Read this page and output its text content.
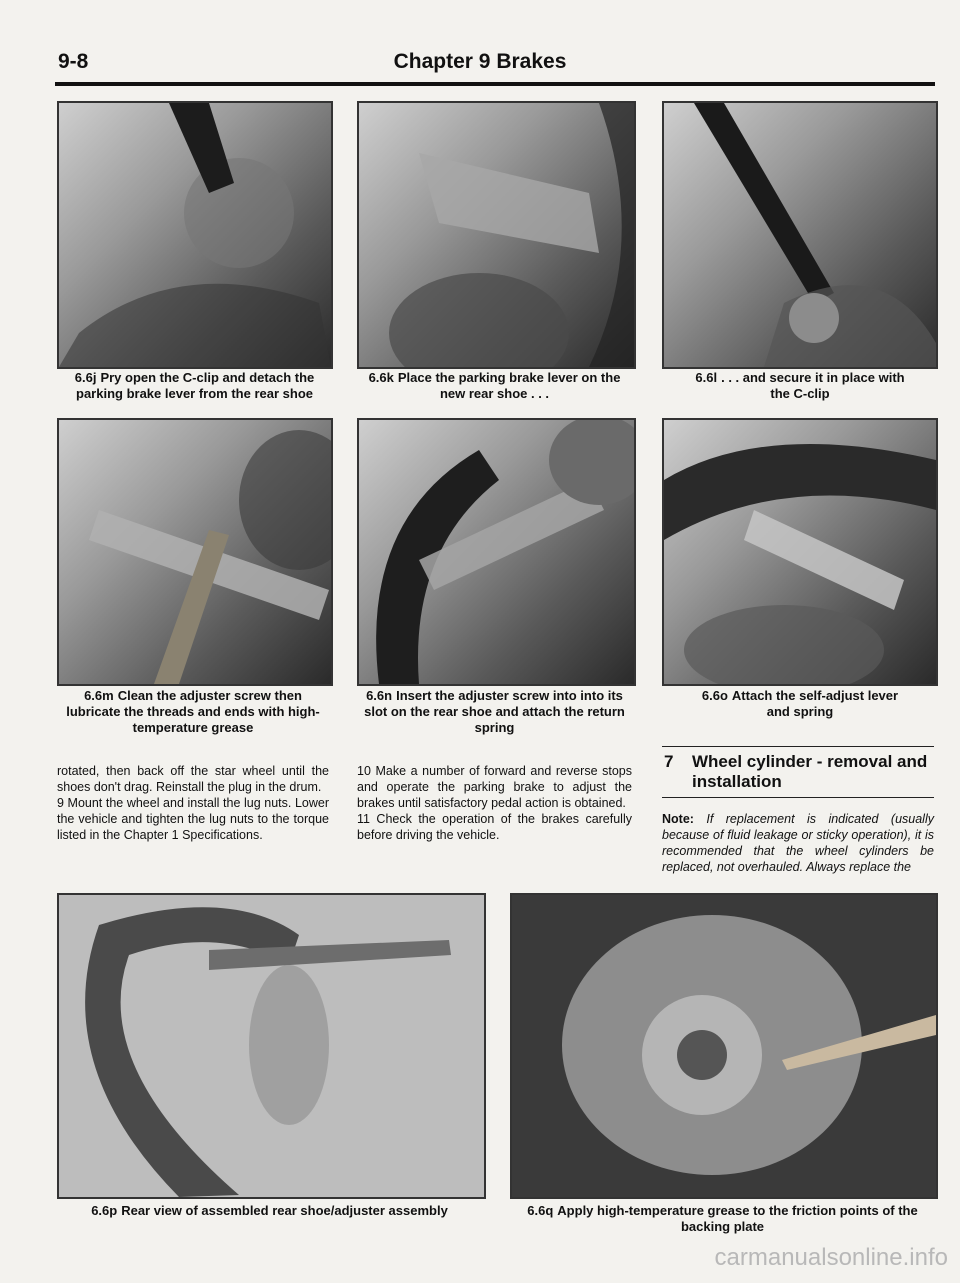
9-8	Chapter 9 Brakes
6.6j Pry open the C-clip and detach the parking brake lever from the rear shoe
6.6k Place the parking brake lever on the new rear shoe . . .
6.6l . . . and secure it in place with the C-clip
6.6m Clean the adjuster screw then lubricate the threads and ends with high-temperature grease
6.6n Insert the adjuster screw into into its slot on the rear shoe and attach the return spring
6.6o Attach the self-adjust lever and spring

rotated, then back off the star wheel until the shoes don't drag. Reinstall the plug in the drum.

9 Mount the wheel and install the lug nuts. Lower the vehicle and tighten the lug nuts to the torque listed in the Chapter 1 Specifications.

10 Make a number of forward and reverse stops and operate the parking brake to adjust the brakes until satisfactory pedal action is obtained.

11 Check the operation of the brakes carefully before driving the vehicle.

7 Wheel cylinder - removal and installation
Note: If replacement is indicated (usually because of fluid leakage or sticky operation), it is recommended that the wheel cylinders be replaced, not overhauled. Always replace the
6.6p Rear view of assembled rear shoe/adjuster assembly	6.6q Apply high-temperature grease to the friction points of the backing plate
carmanualsonline.info
